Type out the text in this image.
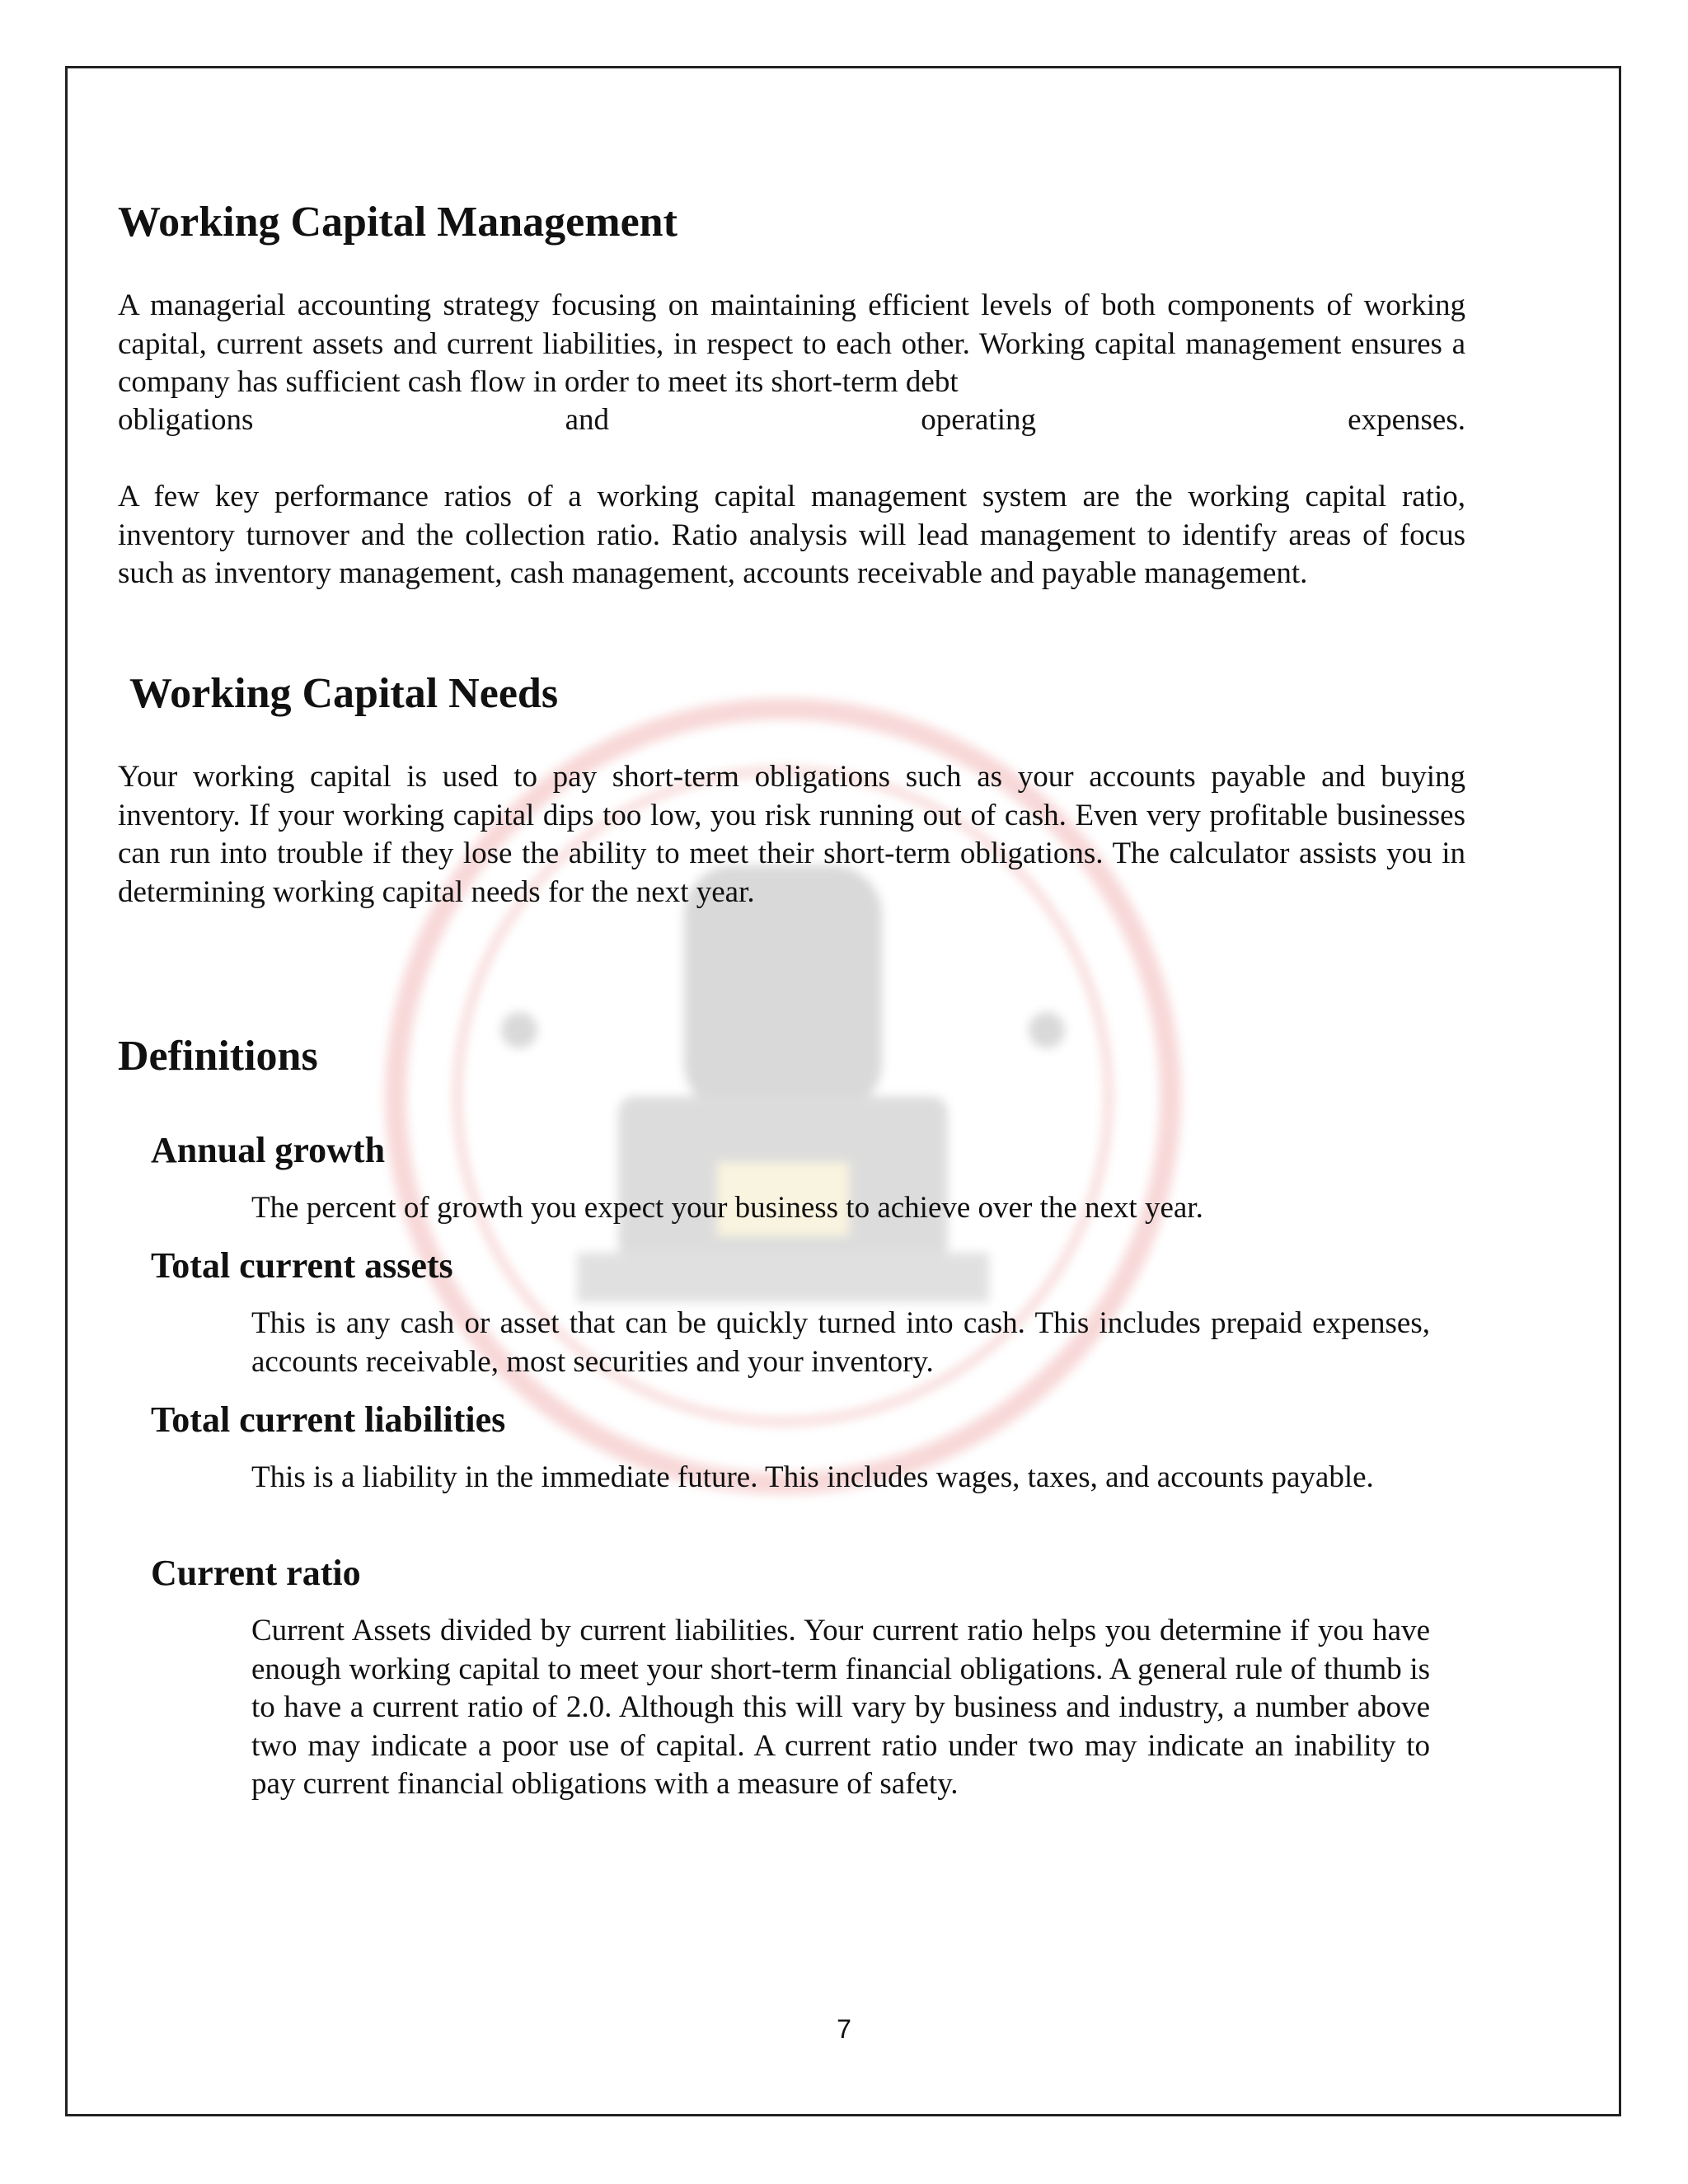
Working Capital Management
A managerial accounting strategy focusing on maintaining efficient levels of both components of working capital, current assets and current liabilities, in respect to each other. Working capital management ensures a company has sufficient cash flow in order to meet its short-term debt
obligations and operating expenses.
A few key performance ratios of a working capital management system are the working capital ratio, inventory turnover and the collection ratio. Ratio analysis will lead management to identify areas of focus such as inventory management, cash management, accounts receivable and payable management.
Working Capital Needs
Your working capital is used to pay short-term obligations such as your accounts payable and buying inventory. If your working capital dips too low, you risk running out of cash. Even very profitable businesses can run into trouble if they lose the ability to meet their short-term obligations. The calculator assists you in determining working capital needs for the next year.
Definitions
Annual growth
The percent of growth you expect your business to achieve over the next year.
Total current assets
This is any cash or asset that can be quickly turned into cash. This includes prepaid expenses, accounts receivable, most securities and your inventory.
Total current liabilities
This is a liability in the immediate future. This includes wages, taxes, and accounts payable.
Current ratio
Current Assets divided by current liabilities. Your current ratio helps you determine if you have enough working capital to meet your short-term financial obligations. A general rule of thumb is to have a current ratio of 2.0. Although this will vary by business and industry, a number above two may indicate a poor use of capital. A current ratio under two may indicate an inability to pay current financial obligations with a measure of safety.
7
